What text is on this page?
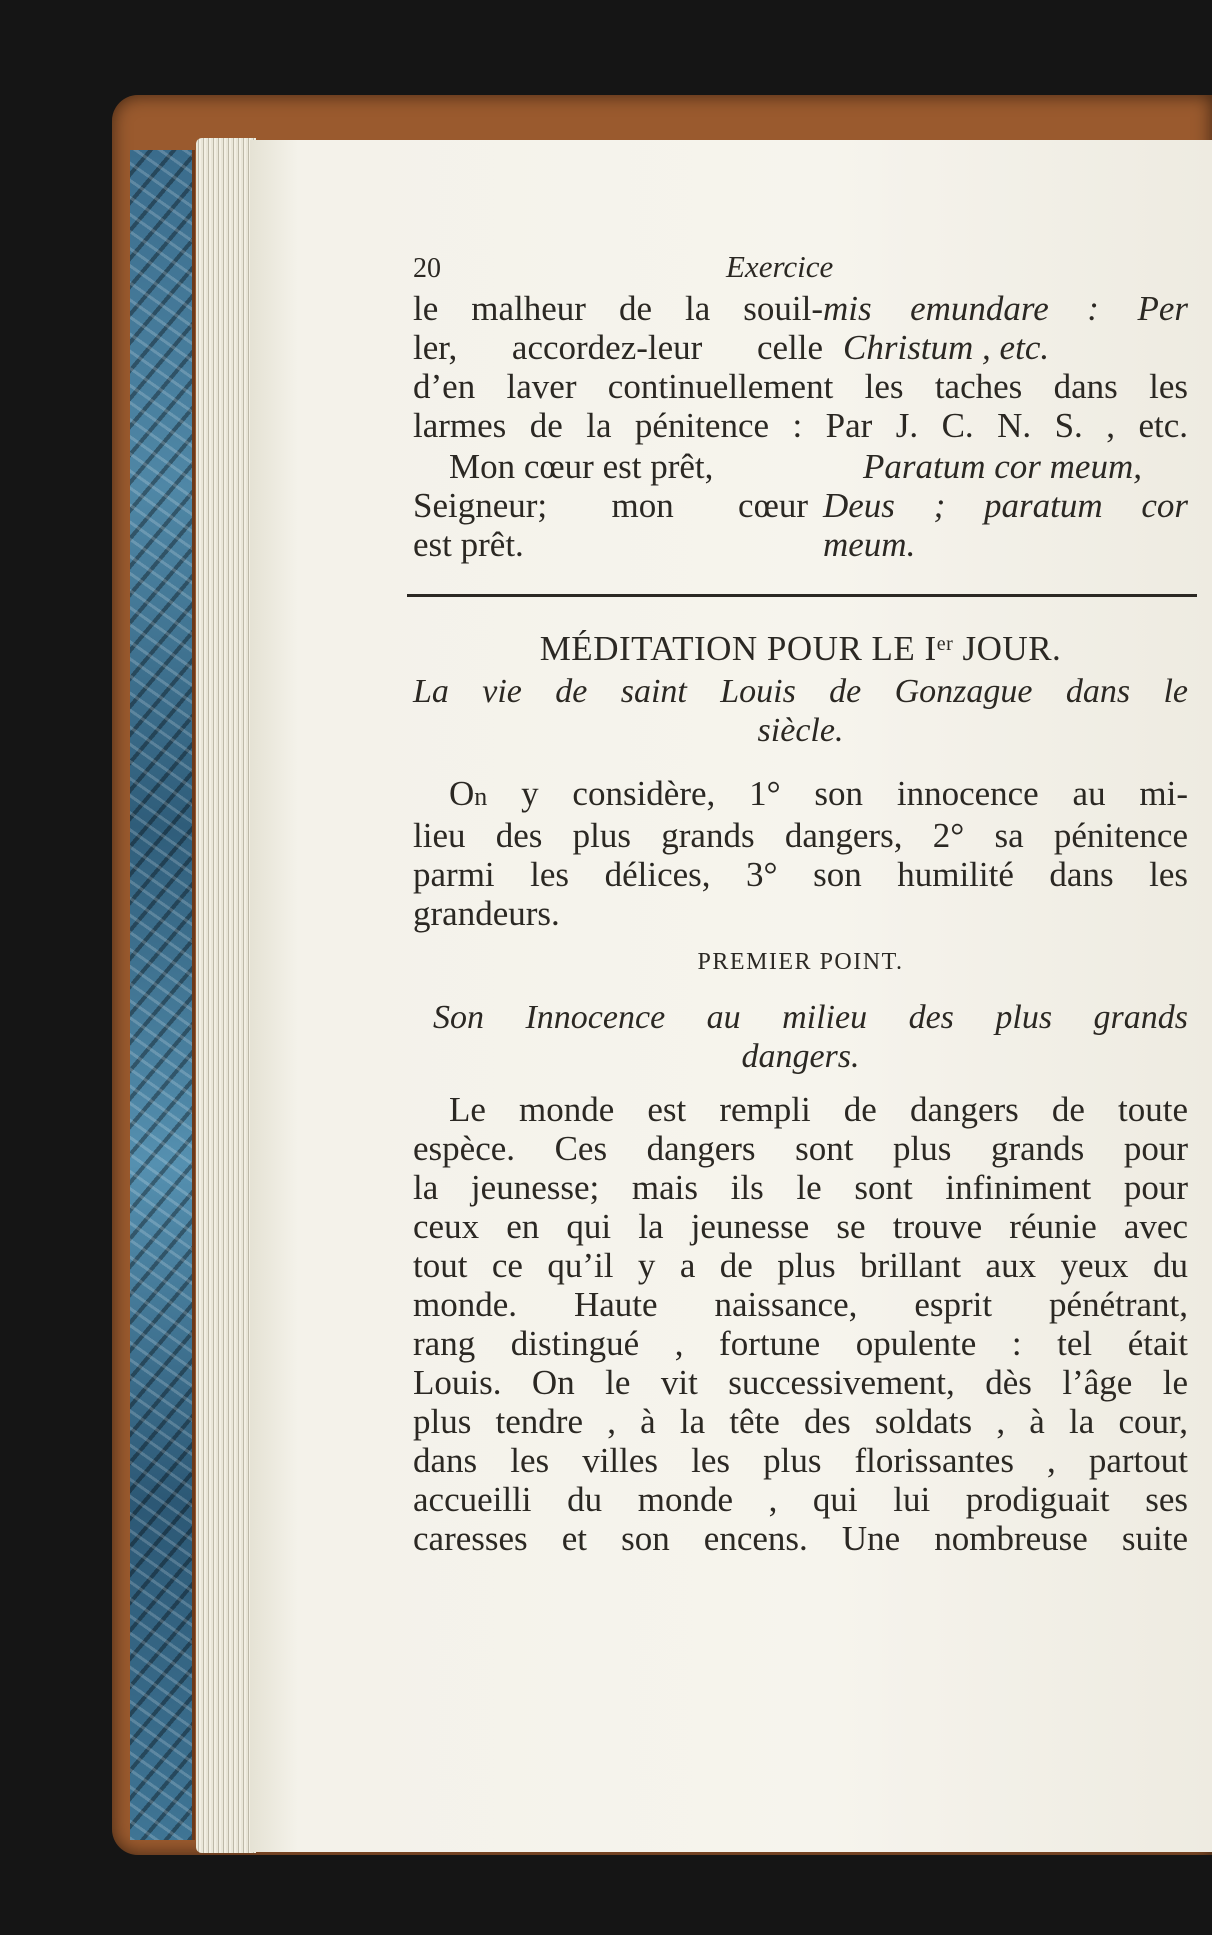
20	Exercice
le malheur de la souil-
ler, accordez-leur celle
mis emundare : Per
Christum , etc.
d’en laver continuellement les taches dans les
larmes de la pénitence : Par J. C. N. S. , etc.
Mon cœur est prêt,
Seigneur; mon cœur
est prêt.
Paratum cor meum,
Deus ; paratum cor
meum.
MÉDITATION POUR LE Ier JOUR.
La vie de saint Louis de Gonzague dans le
siècle.
On y considère, 1° son innocence au mi-
lieu des plus grands dangers, 2° sa pénitence
parmi les délices, 3° son humilité dans les
grandeurs.
PREMIER POINT.
Son Innocence au milieu des plus grands
dangers.
Le monde est rempli de dangers de toute
espèce. Ces dangers sont plus grands pour
la jeunesse; mais ils le sont infiniment pour
ceux en qui la jeunesse se trouve réunie avec
tout ce qu’il y a de plus brillant aux yeux du
monde. Haute naissance, esprit pénétrant,
rang distingué , fortune opulente : tel était
Louis. On le vit successivement, dès l’âge le
plus tendre , à la tête des soldats , à la cour,
dans les villes les plus florissantes , partout
accueilli du monde , qui lui prodiguait ses
caresses et son encens. Une nombreuse suite
